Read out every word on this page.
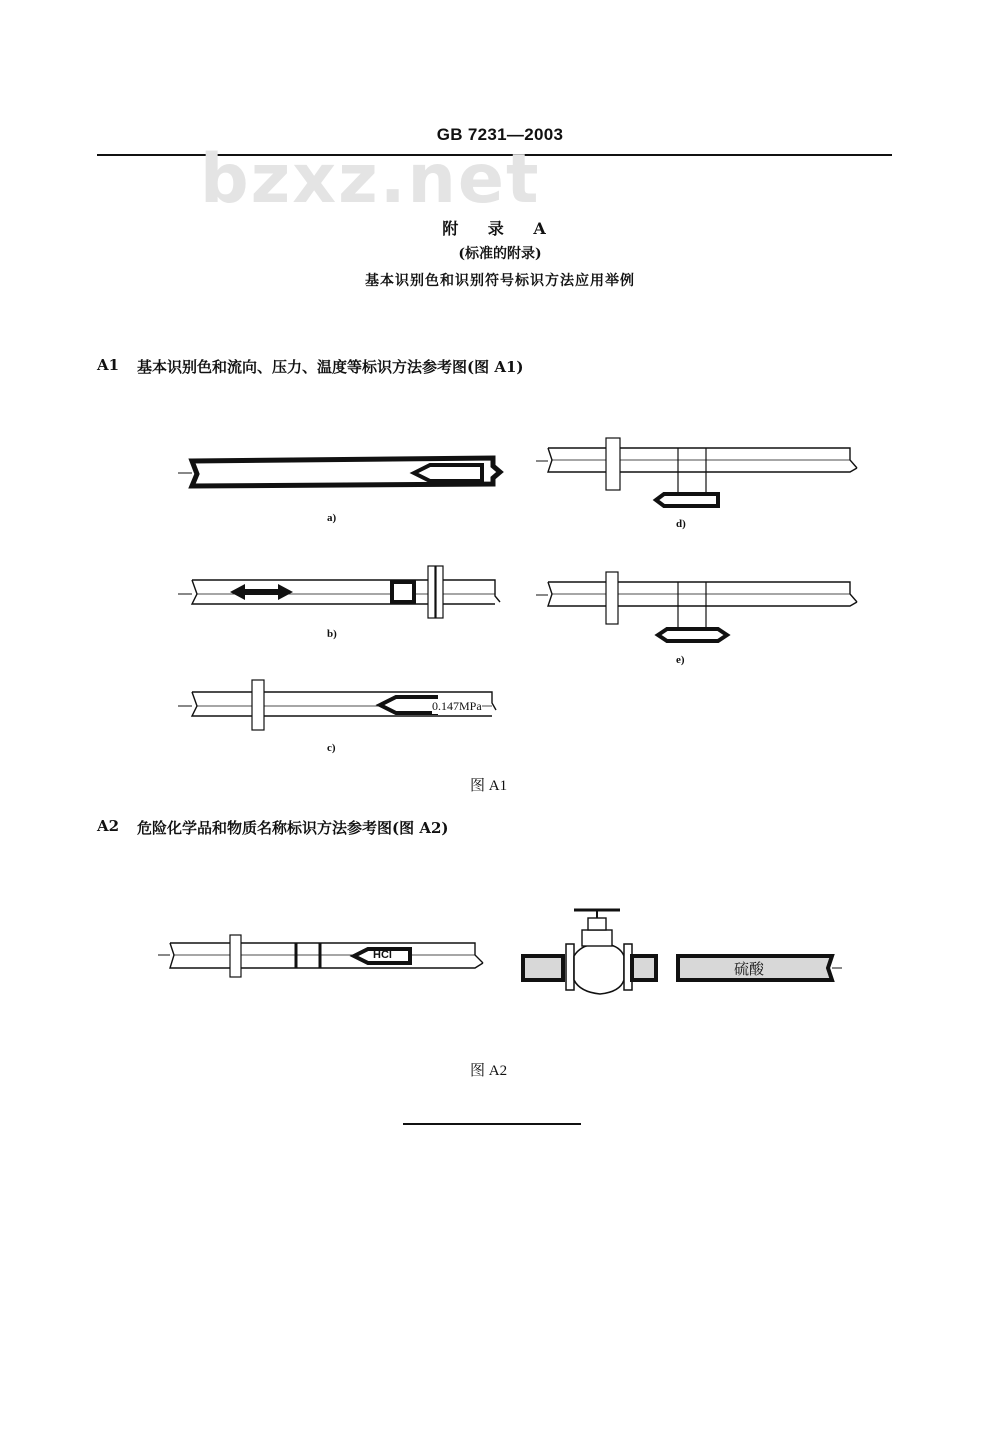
GB 7231—2003
bzxz.net
附 录 A
(标准的附录)
基本识别色和识别符号标识方法应用举例
A1 基本识别色和流向、压力、温度等标识方法参考图(图 A1)
a)
b)
c)
d)
e)
0.147MPa
图 A1
A2 危险化学品和物质名称标识方法参考图(图 A2)
HCl
硫酸
图 A2
